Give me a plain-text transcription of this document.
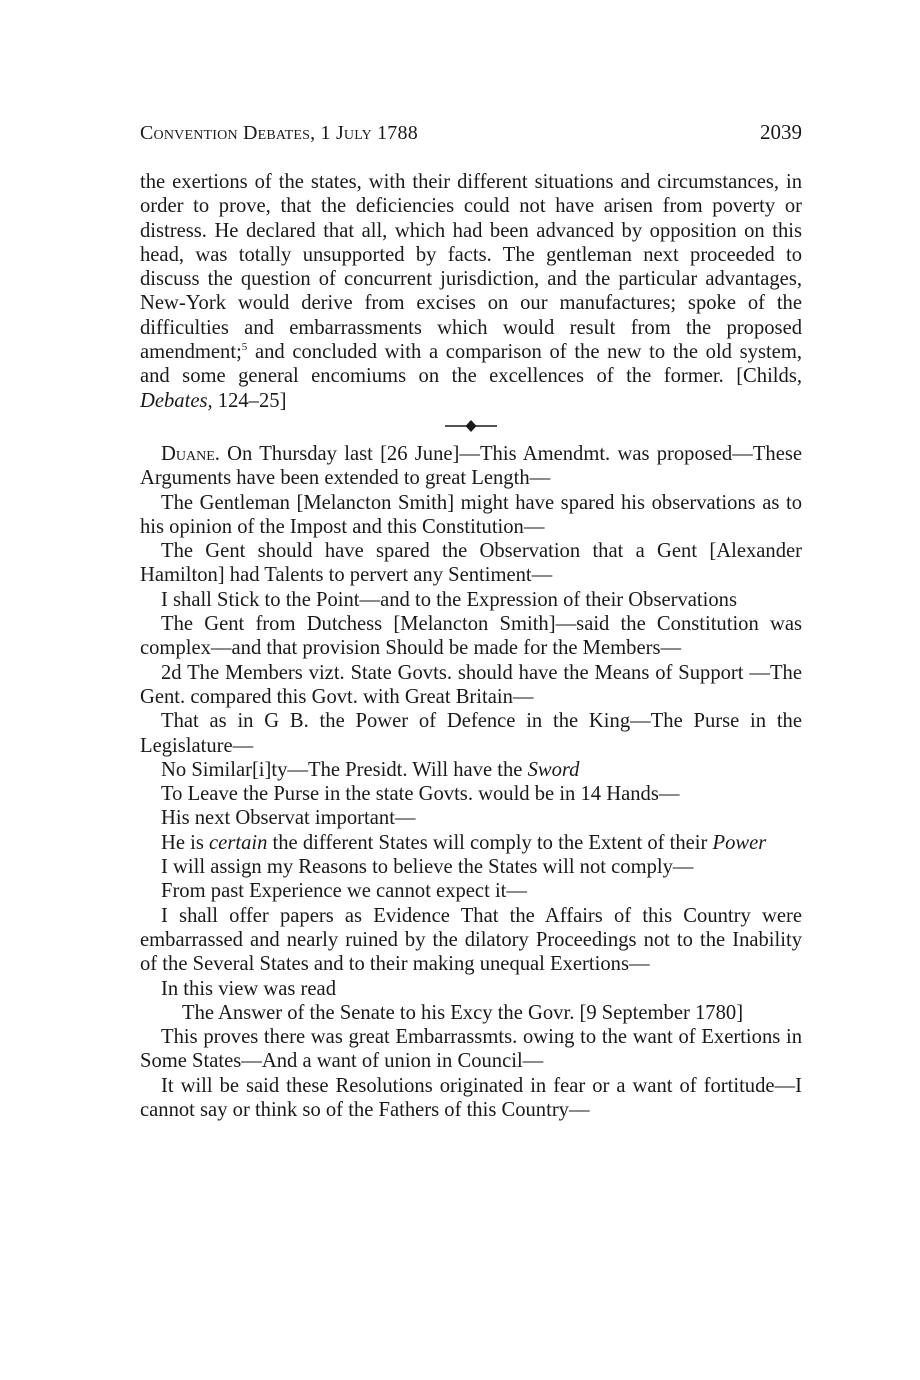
Convention Debates, 1 July 1788	2039

the exertions of the states, with their different situations and circumstances, in order to prove, that the deficiencies could not have arisen from poverty or distress. He declared that all, which had been advanced by opposition on this head, was totally unsupported by facts. The gentleman next proceeded to discuss the question of concurrent jurisdiction, and the particular advantages, New-York would derive from excises on our manufactures; spoke of the difficulties and embarrassments which would result from the proposed amendment;$^5$ and concluded with a comparison of the new to the old system, and some general encomiums on the excellences of the former. [Childs, Debates, 124–25]

Duane. On Thursday last [26 June]—This Amendmt. was proposed—These Arguments have been extended to great Length—

The Gentleman [Melancton Smith] might have spared his observations as to his opinion of the Impost and this Constitution—

The Gent should have spared the Observation that a Gent [Alexander Hamilton] had Talents to pervert any Sentiment—

I shall Stick to the Point—and to the Expression of their Observations

The Gent from Dutchess [Melancton Smith]—said the Constitution was complex—and that provision Should be made for the Members—

2d The Members vizt. State Govts. should have the Means of Support —The Gent. compared this Govt. with Great Britain—

That as in G B. the Power of Defence in the King—The Purse in the Legislature—

No Similar[i]ty—The Presidt. Will have the Sword

To Leave the Purse in the state Govts. would be in 14 Hands—

His next Observat important—

He is certain the different States will comply to the Extent of their Power

I will assign my Reasons to believe the States will not comply—

From past Experience we cannot expect it—

I shall offer papers as Evidence That the Affairs of this Country were embarrassed and nearly ruined by the dilatory Proceedings not to the Inability of the Several States and to their making unequal Exertions—

In this view was read

The Answer of the Senate to his Excy the Govr. [9 September 1780]

This proves there was great Embarrassmts. owing to the want of Exertions in Some States—And a want of union in Council—

It will be said these Resolutions originated in fear or a want of fortitude—I cannot say or think so of the Fathers of this Country—
